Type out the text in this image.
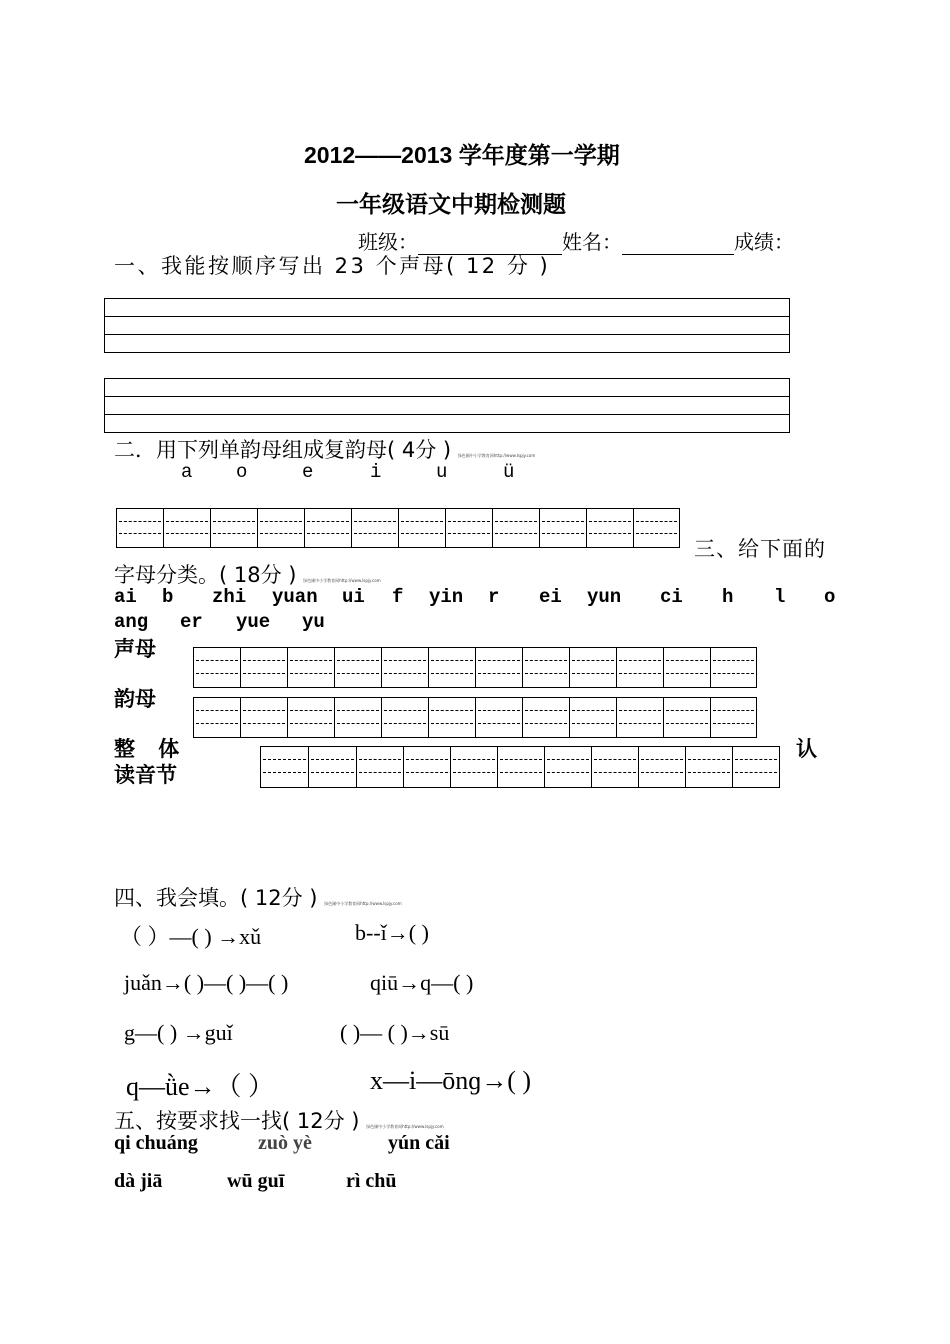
2012——2013 学年度第一学期
一年级语文中期检测题
班级：	姓名：	成绩：
一、我能按顺序写出 23 个声母( 12 分 )
二．用下列单韵母组成复韵母( 4分 ) 绿色圃中小学教育网http://www.lspjy.com
a o	e	i	u	ü
三、给下面的
字母分类。( 18分 ) 绿色圃中小学教育网http://www.lspjy.com
ai b zhi yuan ui f yin r ei yun ci h l o
ang er yue yu
声母
韵母
整 体	认
读音节
四、我会填。( 12分 ) 绿色圃中小学教育网http://www.lspjy.com
（ ）—( ) →xǔ	b--ǐ→( )
juǎn→( )—( )—( )	qiū→q—( )
g—( ) →guǐ	( )— ( )→sū
q—ǜe→（ ）	x—i—ōnɡ→( )
五、按要求找一找( 12分 ) 绿色圃中小学教育网http://www.lspjy.com
qi chuáng	zuò yè	yún cǎi
dà jiā	wū guī	rì chū
